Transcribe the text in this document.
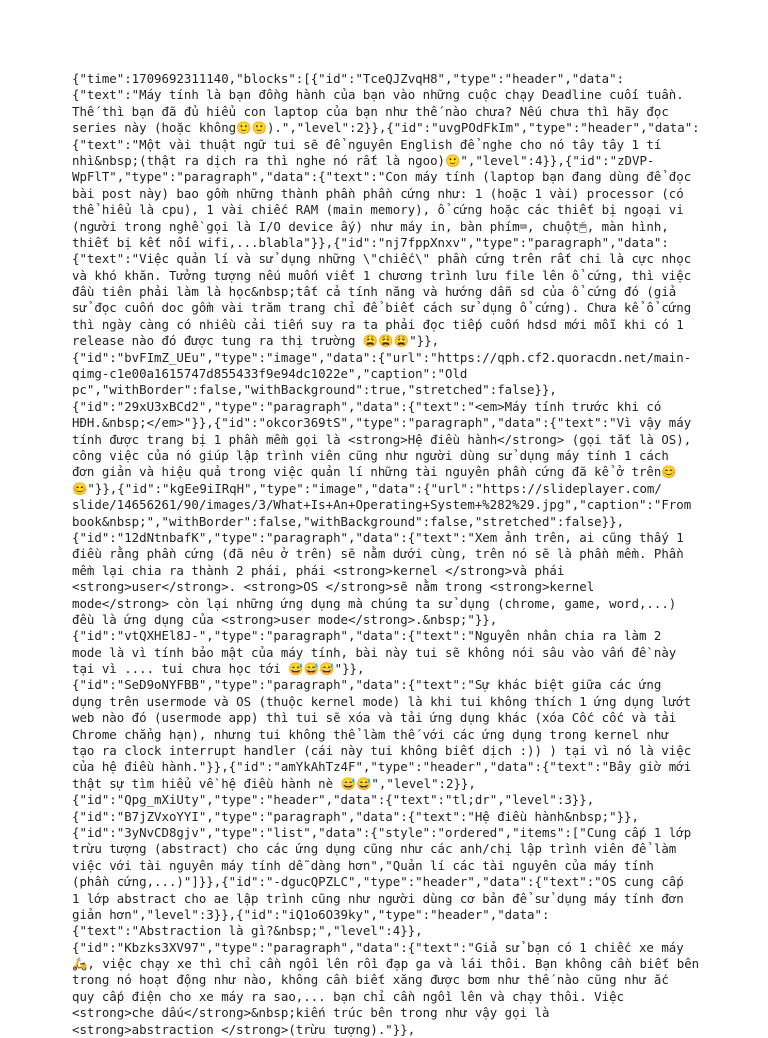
{"time":1709692311140,"blocks":[{"id":"TceQJZvqH8","type":"header","data":
{"text":"Máy tính là bạn đồng hành của bạn vào những cuộc chạy Deadline cuối tuần.
Thế thì bạn đã đủ hiểu con laptop của bạn như thế nào chưa? Nếu chưa thì hãy đọc
series này (hoặc không🙂🙂).","level":2}},{"id":"uvgPOdFkIm","type":"header","data":
{"text":"Một vài thuật ngữ tui sẽ để nguyên English để nghe cho nó tây tây 1 tí
nhì&nbsp;(thật ra dịch ra thì nghe nó rất là ngoo)🙂","level":4}},{"id":"zDVP-
WpFlT","type":"paragraph","data":{"text":"Con máy tính (laptop bạn đang dùng để đọc
bài post này) bao gồm những thành phần phần cứng như: 1 (hoặc 1 vài) processor (có
thể hiểu là cpu), 1 vài chiếc RAM (main memory), ổ cứng hoặc các thiết bị ngoại vi
(người trong nghề gọi là I/O device ấy) như máy in, bàn phím⌨, chuột🖱, màn hình,
thiết bị kết nối wifi,...blabla"}},{"id":"nj7fppXnxv","type":"paragraph","data":
{"text":"Việc quản lí và sử dụng những \"chiếc\" phần cứng trên rất chi là cực nhọc
và khó khăn. Tưởng tượng nếu muốn viết 1 chương trình lưu file lên ổ cứng, thì việc
đầu tiên phải làm là học&nbsp;tất cả tính năng và hướng dẫn sd của ổ cứng đó (giả
sử đọc cuốn doc gồm vài trăm trang chỉ để biết cách sử dụng ổ cứng). Chưa kể ổ cứng
thì ngày càng có nhiều cải tiến suy ra ta phải đọc tiếp cuốn hdsd mới mỗi khi có 1
release nào đó được tung ra thị trường 😩😩😩"}},
{"id":"bvFImZ_UEu","type":"image","data":{"url":"https://qph.cf2.quoracdn.net/main-
qimg-c1e00a1615747d855433f9e94dc1022e","caption":"Old
pc","withBorder":false,"withBackground":true,"stretched":false}},
{"id":"29xU3xBCd2","type":"paragraph","data":{"text":"<em>Máy tính trước khi có
HĐH.&nbsp;</em>"}},{"id":"okcor369tS","type":"paragraph","data":{"text":"Vì vậy máy
tính được trang bị 1 phần mềm gọi là <strong>Hệ điều hành</strong> (gọi tắt là OS),
công việc của nó giúp lập trình viên cũng như người dùng sử dụng máy tính 1 cách
đơn giản và hiệu quả trong việc quản lí những tài nguyên phần cứng đã kể ở trên😊
😊"}},{"id":"kgEe9iIRqH","type":"image","data":{"url":"https://slideplayer.com/
slide/14656261/90/images/3/What+Is+An+Operating+System+%282%29.jpg","caption":"From
book&nbsp;","withBorder":false,"withBackground":false,"stretched":false}},
{"id":"12dNtnbafK","type":"paragraph","data":{"text":"Xem ảnh trên, ai cũng thấy 1
điều rằng phần cứng (đã nêu ở trên) sẽ nằm dưới cùng, trên nó sẽ là phần mềm. Phần
mềm lại chia ra thành 2 phái, phái <strong>kernel </strong>và phái
<strong>user</strong>. <strong>OS </strong>sẽ nằm trong <strong>kernel
mode</strong> còn lại những ứng dụng mà chúng ta sử dụng (chrome, game, word,...)
đều là ứng dụng của <strong>user mode</strong>.&nbsp;"}},
{"id":"vtQXHEl8J-","type":"paragraph","data":{"text":"Nguyên nhân chia ra làm 2
mode là vì tính bảo mật của máy tính, bài này tui sẽ không nói sâu vào vấn đề này
tại vì .... tui chưa học tới 😅😅😅"}},
{"id":"SeD9oNYFBB","type":"paragraph","data":{"text":"Sự khác biệt giữa các ứng
dụng trên usermode và OS (thuộc kernel mode) là khi tui không thích 1 ứng dụng lướt
web nào đó (usermode app) thì tui sẽ xóa và tải ứng dụng khác (xóa Cốc cốc và tải
Chrome chẳng hạn), nhưng tui không thể làm thế với các ứng dụng trong kernel như
tạo ra clock interrupt handler (cái này tui không biết dịch :)) ) tại vì nó là việc
của hệ điều hành."}},{"id":"amYkAhTz4F","type":"header","data":{"text":"Bây giờ mới
thật sự tìm hiểu về hệ điều hành nè 😅😅","level":2}},
{"id":"Qpg_mXiUty","type":"header","data":{"text":"tl;dr","level":3}},
{"id":"B7jZVxoYYI","type":"paragraph","data":{"text":"Hệ điều hành&nbsp;"}},
{"id":"3yNvCD8gjv","type":"list","data":{"style":"ordered","items":["Cung cấp 1 lớp
trừu tượng (abstract) cho các ứng dụng cũng như các anh/chị lập trình viên để làm
việc với tài nguyên máy tính dễ dàng hơn","Quản lí các tài nguyên của máy tính
(phần cứng,...)"]}},{"id":"-dgucQPZLC","type":"header","data":{"text":"OS cung cấp
1 lớp abstract cho ae lập trình cũng như người dùng cơ bản để sử dụng máy tính đơn
giản hơn","level":3}},{"id":"iQ1o6O39ky","type":"header","data":
{"text":"Abstraction là gì?&nbsp;","level":4}},
{"id":"Kbzks3XV97","type":"paragraph","data":{"text":"Giả sử bạn có 1 chiếc xe máy
🛵, việc chạy xe thì chỉ cần ngồi lên rồi đạp ga và lái thôi. Bạn không cần biết bên
trong nó hoạt động như nào, không cần biết xăng được bơm như thế nào cũng như ắc
quy cấp điện cho xe máy ra sao,... bạn chỉ cần ngồi lên và chạy thôi. Việc
<strong>che dấu</strong>&nbsp;kiến trúc bên trong như vậy gọi là
<strong>abstraction </strong>(trừu tượng)."}},
